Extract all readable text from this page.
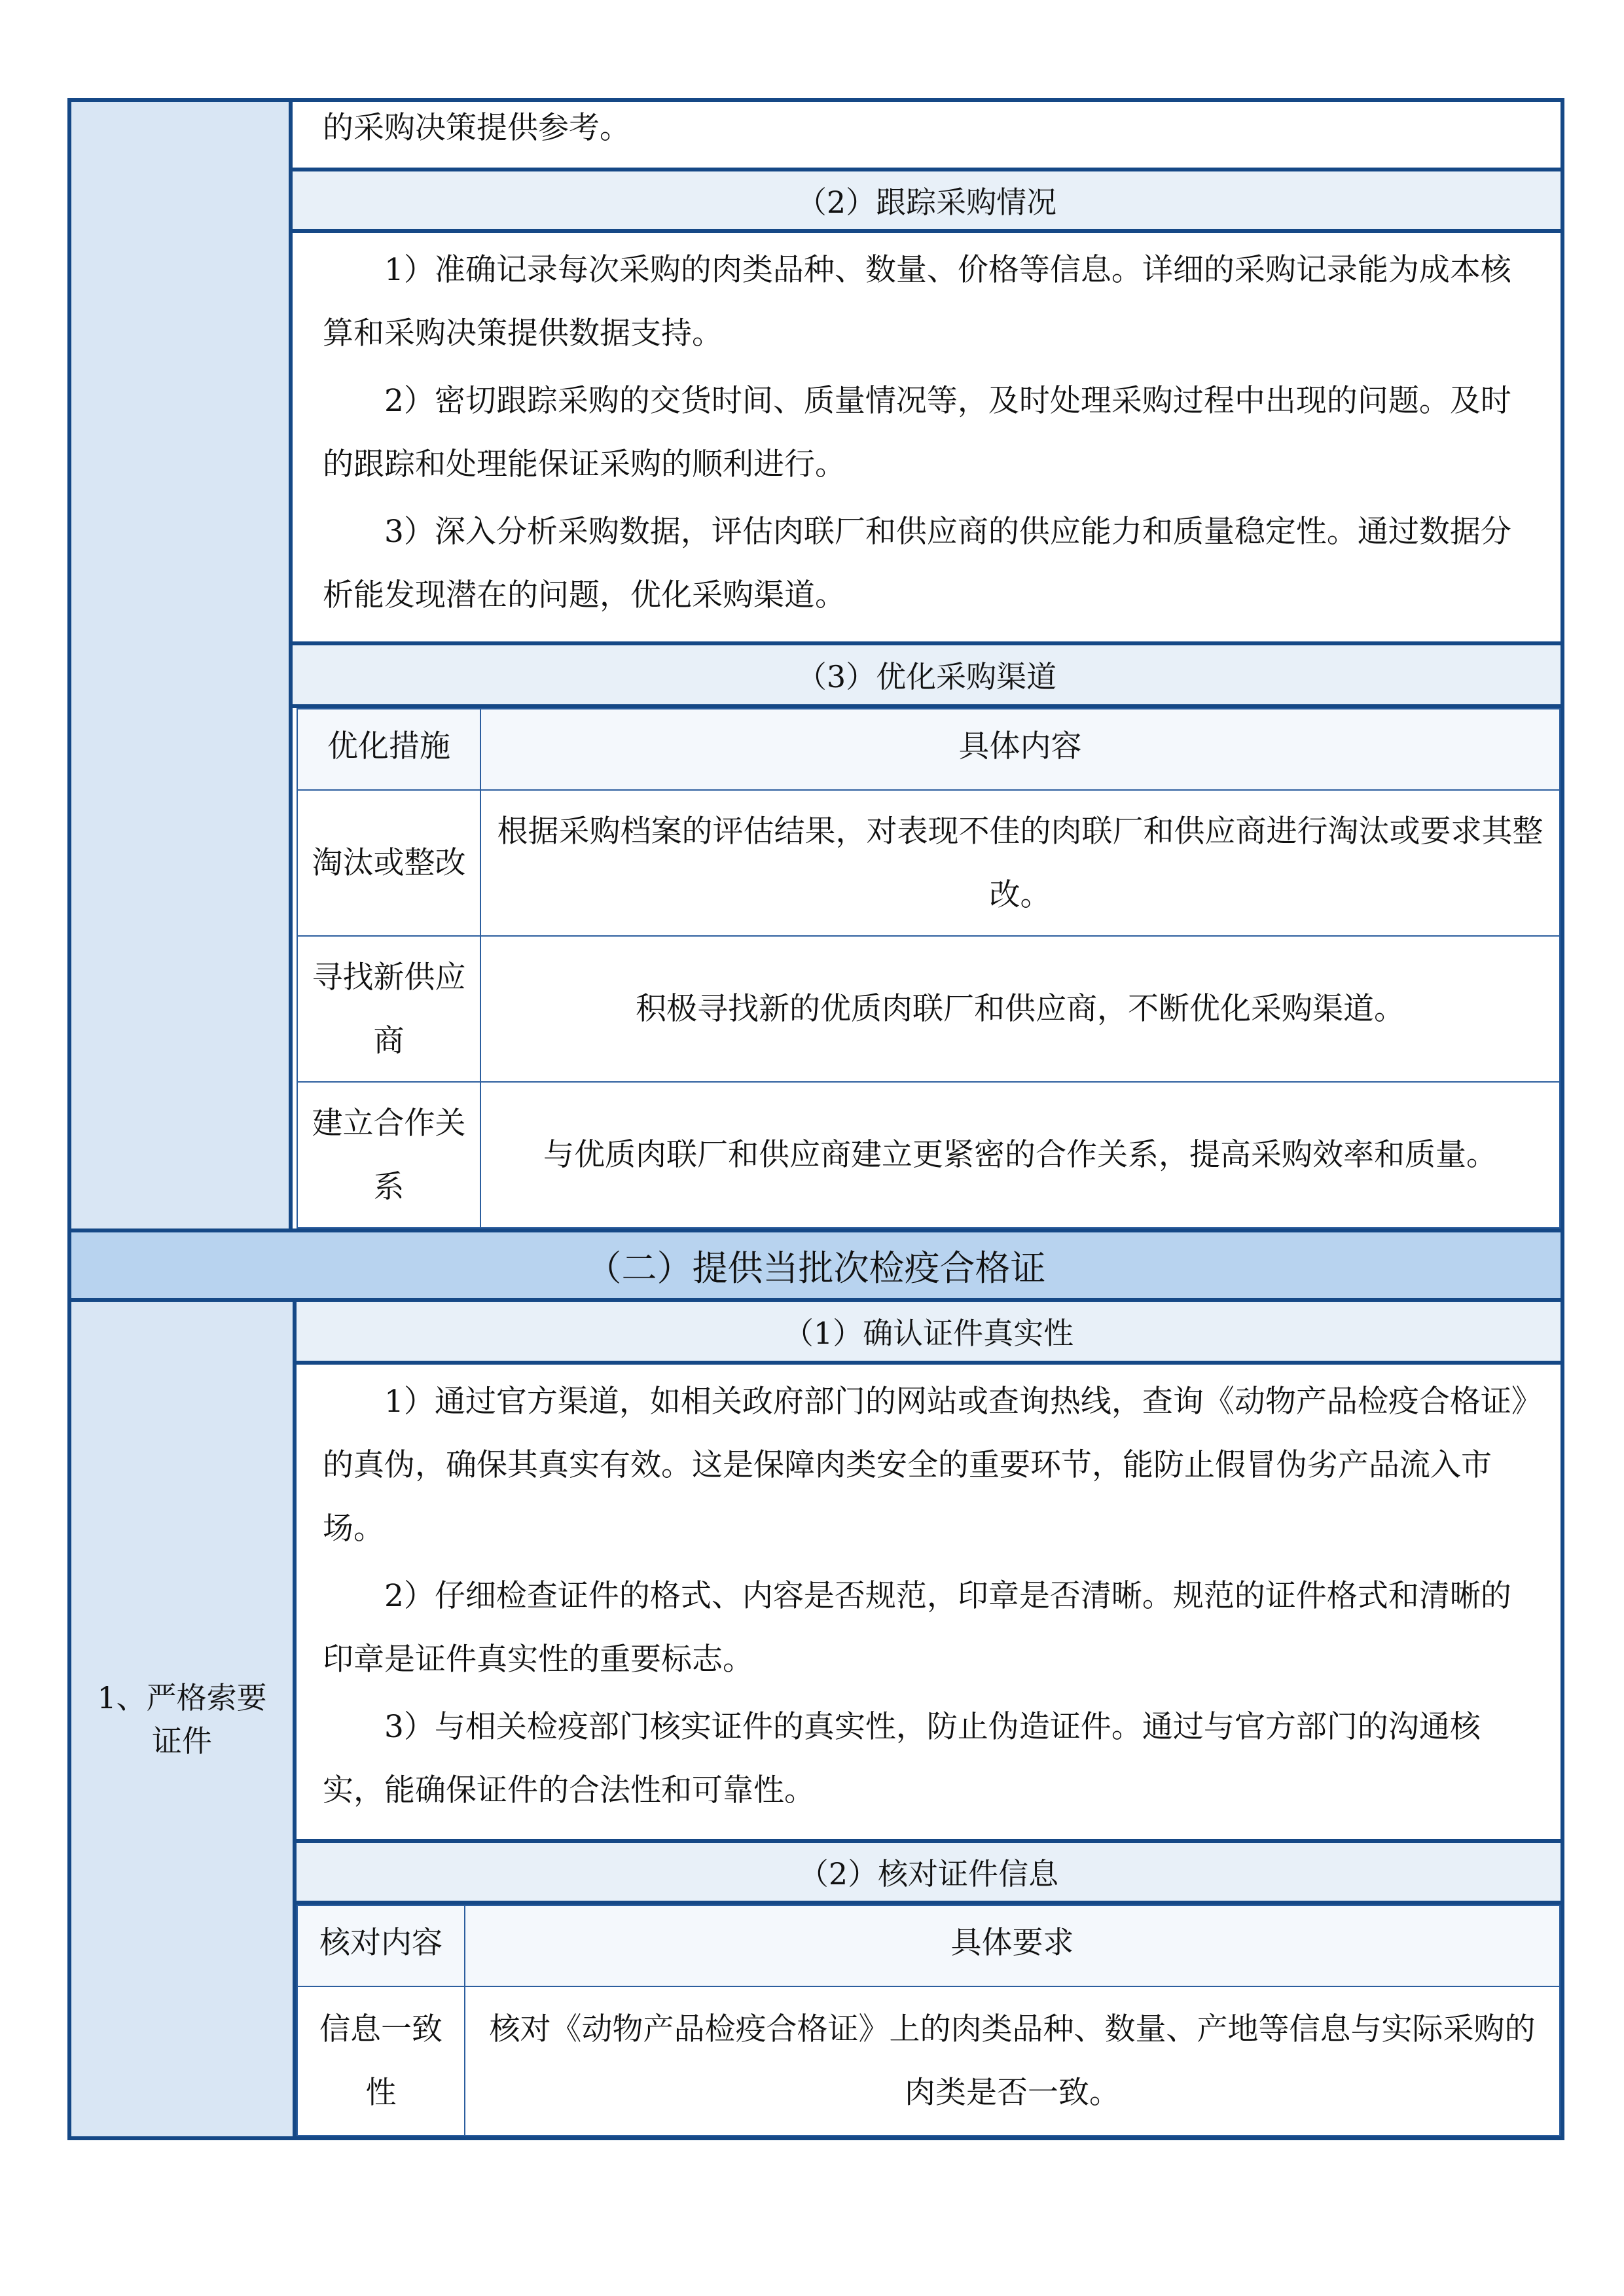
的采购决策提供参考。

（2）跟踪采购情况

1）准确记录每次采购的肉类品种、数量、价格等信息。详细的采购记录能为成本核算和采购决策提供数据支持。

2）密切跟踪采购的交货时间、质量情况等，及时处理采购过程中出现的问题。及时的跟踪和处理能保证采购的顺利进行。

3）深入分析采购数据，评估肉联厂和供应商的供应能力和质量稳定性。通过数据分析能发现潜在的问题，优化采购渠道。

（3）优化采购渠道
优化措施	具体内容
淘汰或整改
根据采购档案的评估结果，对表现不佳的肉联厂和供应商进行淘汰或要求其整改。
寻找新供应商
积极寻找新的优质肉联厂和供应商，不断优化采购渠道。
建立合作关系
与优质肉联厂和供应商建立更紧密的合作关系，提高采购效率和质量。
（二）提供当批次检疫合格证
1、严格索要证件
（1）确认证件真实性

1）通过官方渠道，如相关政府部门的网站或查询热线，查询《动物产品检疫合格证》的真伪，确保其真实有效。这是保障肉类安全的重要环节，能防止假冒伪劣产品流入市场。

2）仔细检查证件的格式、内容是否规范，印章是否清晰。规范的证件格式和清晰的印章是证件真实性的重要标志。

3）与相关检疫部门核实证件的真实性，防止伪造证件。通过与官方部门的沟通核实，能确保证件的合法性和可靠性。

（2）核对证件信息
核对内容	具体要求
信息一致性
核对《动物产品检疫合格证》上的肉类品种、数量、产地等信息与实际采购的肉类是否一致。
